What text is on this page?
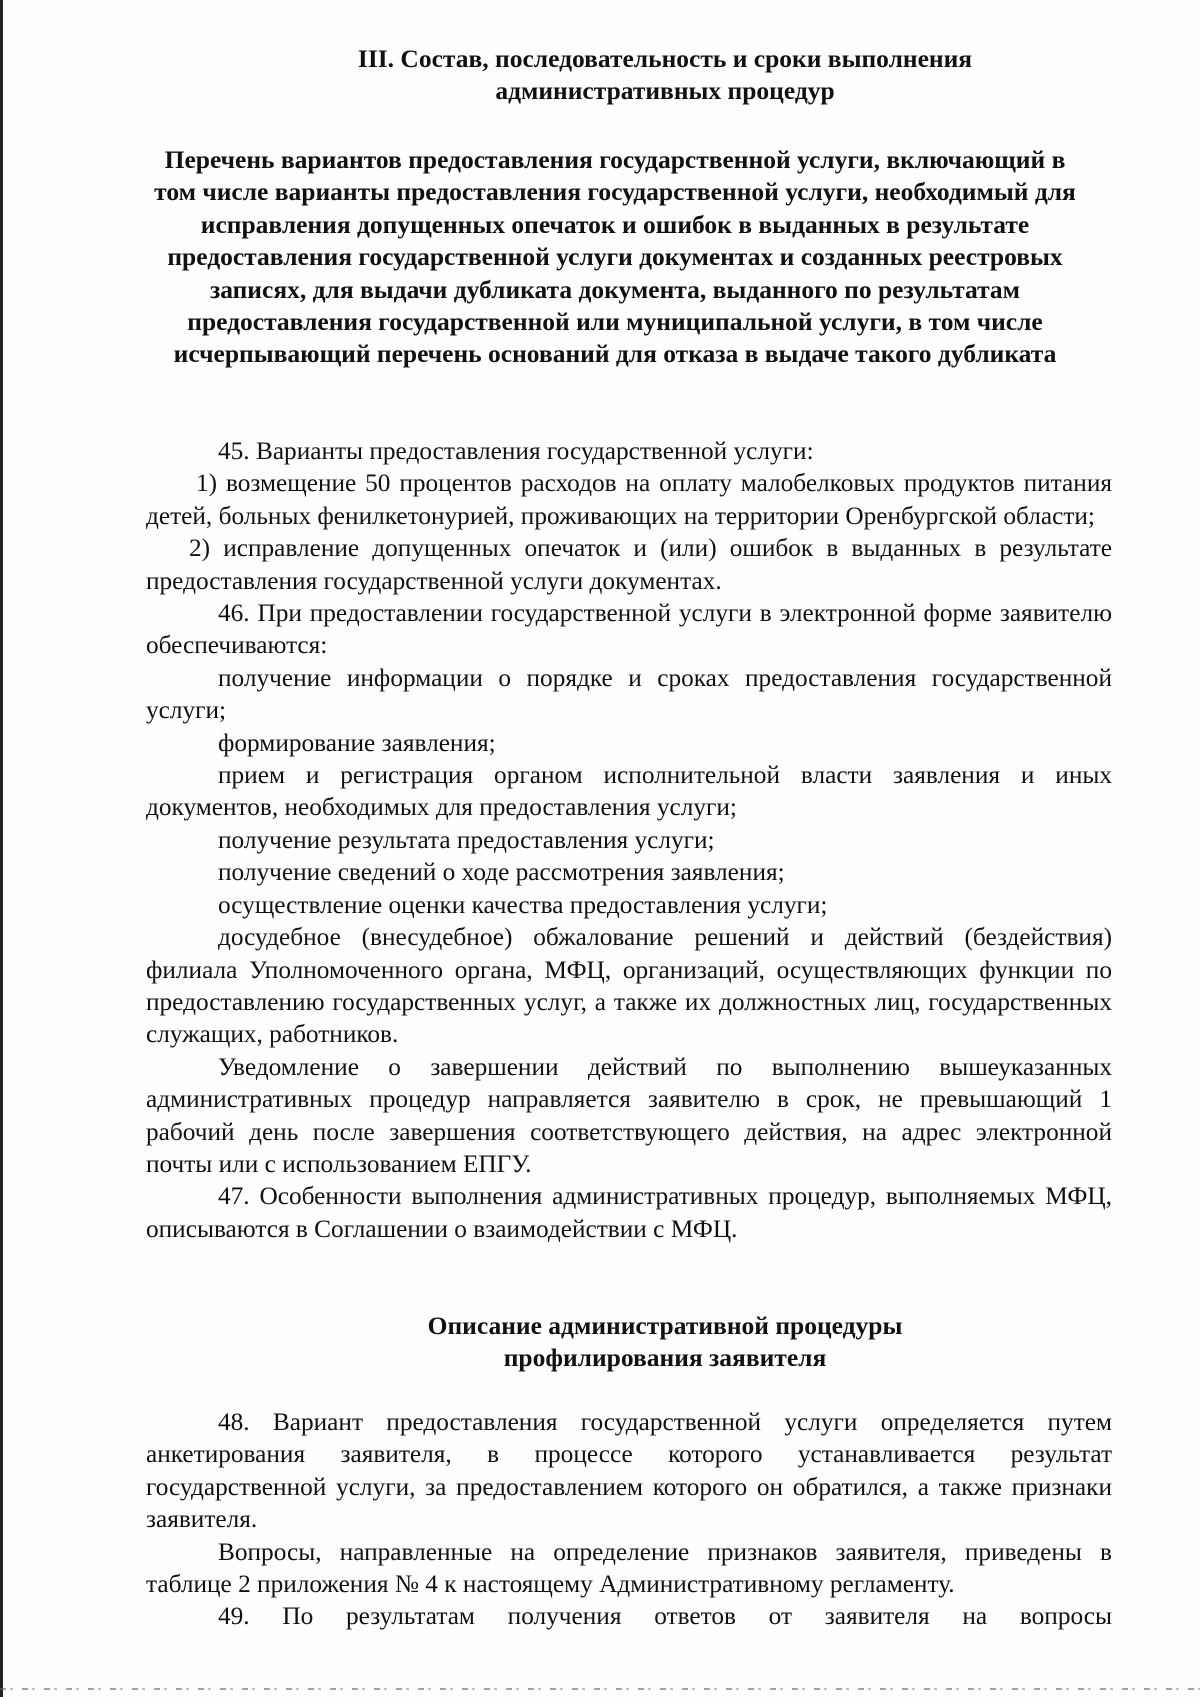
III. Состав, последовательность и сроки выполнения административных процедур
Перечень вариантов предоставления государственной услуги, включающий в том числе варианты предоставления государственной услуги, необходимый для исправления допущенных опечаток и ошибок в выданных в результате предоставления государственной услуги документах и созданных реестровых записях, для выдачи дубликата документа, выданного по результатам предоставления государственной или муниципальной услуги, в том числе исчерпывающий перечень оснований для отказа в выдаче такого дубликата

45. Варианты предоставления государственной услуги:

1) возмещение 50 процентов расходов на оплату малобелковых продуктов питания детей, больных фенилкетонурией, проживающих на территории Оренбургской области;

2) исправление допущенных опечаток и (или) ошибок в выданных в результате предоставления государственной услуги документах.

46. При предоставлении государственной услуги в электронной форме заявителю обеспечиваются:

получение информации о порядке и сроках предоставления государственной услуги;

формирование заявления;

прием и регистрация органом исполнительной власти заявления и иных документов, необходимых для предоставления услуги;

получение результата предоставления услуги;

получение сведений о ходе рассмотрения заявления;

осуществление оценки качества предоставления услуги;

досудебное (внесудебное) обжалование решений и действий (бездействия) филиала Уполномоченного органа, МФЦ, организаций, осуществляющих функции по предоставлению государственных услуг, а также их должностных лиц, государственных служащих, работников.

Уведомление о завершении действий по выполнению вышеуказанных административных процедур направляется заявителю в срок, не превышающий 1 рабочий день после завершения соответствующего действия, на адрес электронной почты или с использованием ЕПГУ.

47. Особенности выполнения административных процедур, выполняемых МФЦ, описываются в Соглашении о взаимодействии с МФЦ.

Описание административной процедуры профилирования заявителя

48. Вариант предоставления государственной услуги определяется путем анкетирования заявителя, в процессе которого устанавливается результат государственной услуги, за предоставлением которого он обратился, а также признаки заявителя.

Вопросы, направленные на определение признаков заявителя, приведены в таблице 2 приложения № 4 к настоящему Административному регламенту.

49. По результатам получения ответов от заявителя на вопросы
